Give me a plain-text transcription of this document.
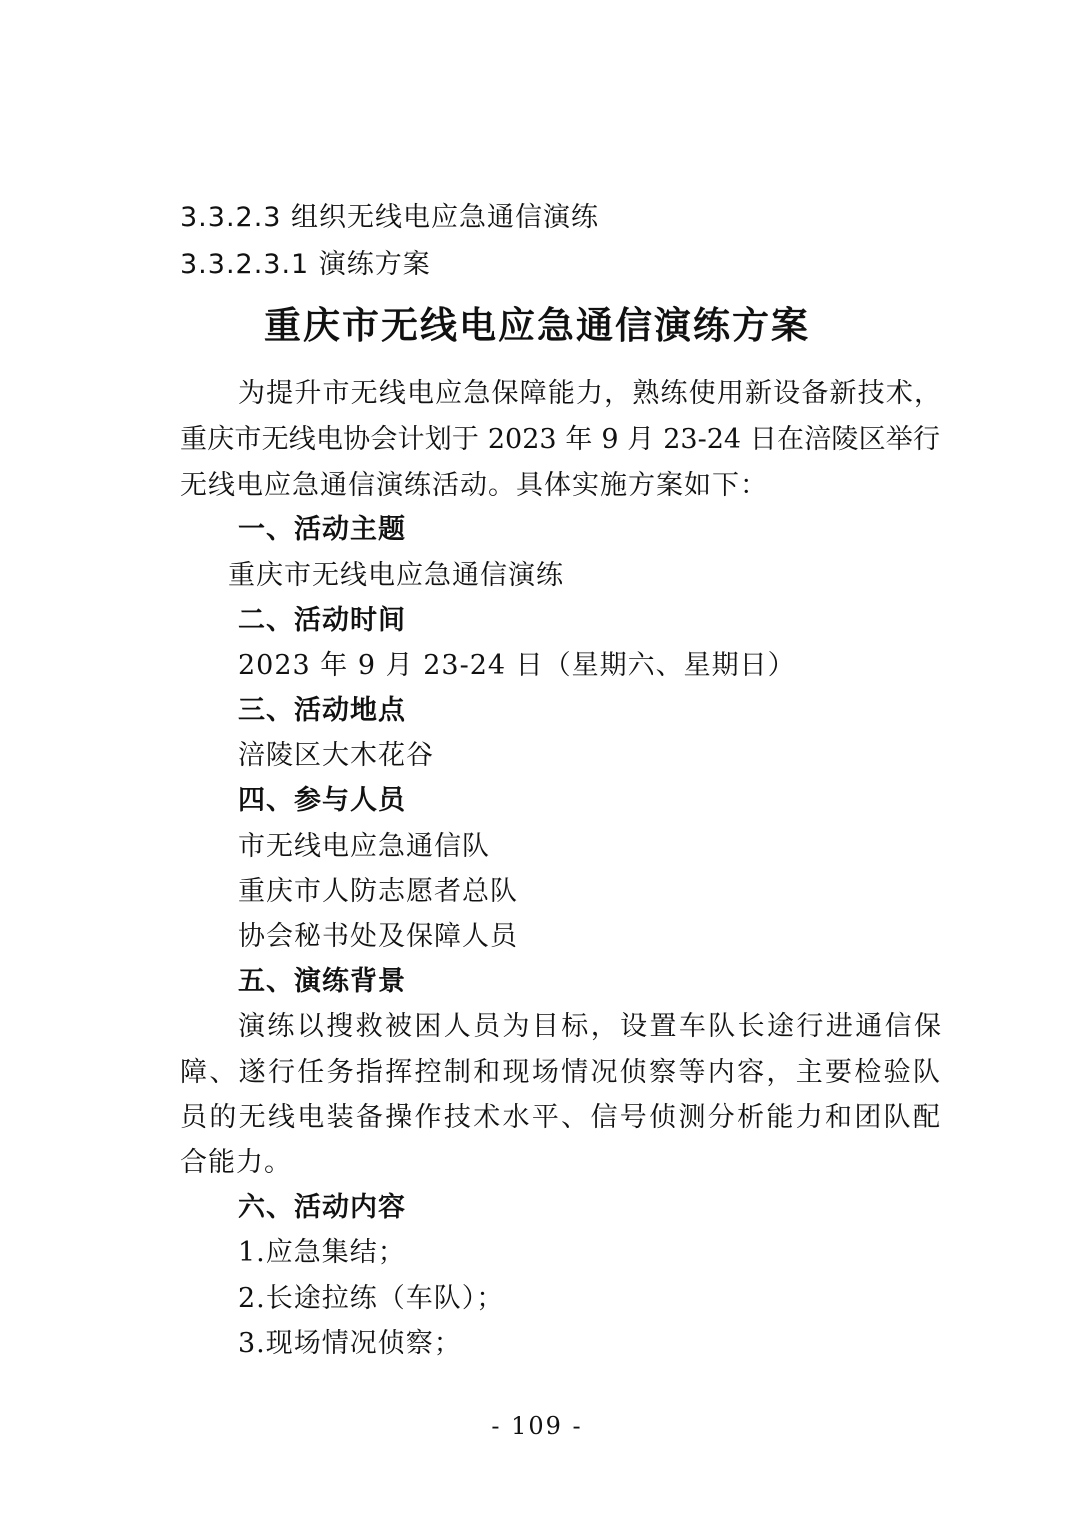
3.3.2.3 组织无线电应急通信演练
3.3.2.3.1 演练方案
重庆市无线电应急通信演练方案
为提升市无线电应急保障能力，熟练使用新设备新技术，
重庆市无线电协会计划于 2023 年 9 月 23-24 日在涪陵区举行
无线电应急通信演练活动。具体实施方案如下：
一、活动主题
重庆市无线电应急通信演练
二、活动时间
2023 年 9 月 23-24 日（星期六、星期日）
三、活动地点
涪陵区大木花谷
四、参与人员
市无线电应急通信队
重庆市人防志愿者总队
协会秘书处及保障人员
五、演练背景
演练以搜救被困人员为目标，设置车队长途行进通信保
障、遂行任务指挥控制和现场情况侦察等内容，主要检验队
员的无线电装备操作技术水平、信号侦测分析能力和团队配
合能力。
六、活动内容
1.应急集结；
2.长途拉练（车队）；
3.现场情况侦察；
- 109 -
